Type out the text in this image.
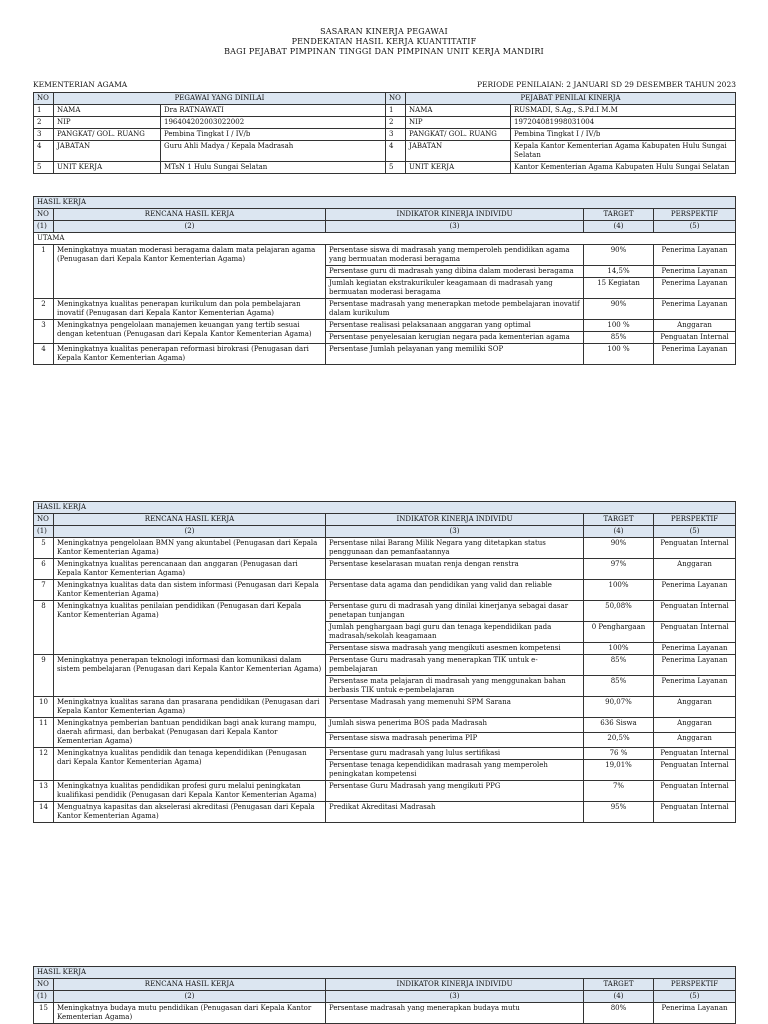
SASARAN KINERJA PEGAWAI
PENDEKATAN HASIL KERJA KUANTITATIF
BAGI PEJABAT PIMPINAN TINGGI DAN PIMPINAN UNIT KERJA MANDIRI
KEMENTERIAN AGAMA	PERIODE PENILAIAN: 2 JANUARI SD 29 DESEMBER TAHUN 2023
NO	PEGAWAI YANG DINILAI		NO	PEJABAT PENILAI KINERJA	
1	NAMA	Dra RATNAWATI	1	NAMA	RUSMADI, S.Ag., S.Pd.I M.M
2	NIP	196404202003022002	2	NIP	197204081998031004
3	PANGKAT/ GOL. RUANG	Pembina Tingkat I / IV/b	3	PANGKAT/ GOL. RUANG	Pembina Tingkat I / IV/b
4	JABATAN	Guru Ahli Madya / Kepala Madrasah	4	JABATAN	Kepala Kantor Kementerian Agama Kabupaten Hulu Sungai Selatan
5	UNIT KERJA	MTsN 1 Hulu Sungai Selatan	5	UNIT KERJA	Kantor Kementerian Agama Kabupaten Hulu Sungai Selatan
HASIL KERJA				
NO	RENCANA HASIL KERJA	INDIKATOR KINERJA INDIVIDU	TARGET	PERSPEKTIF
(1)	(2)	(3)	(4)	(5)
UTAMA				
1	Meningkatnya muatan moderasi beragama dalam mata pelajaran agama (Penugasan dari Kepala Kantor Kementerian Agama)	Persentase siswa di madrasah yang memperoleh pendidikan agama yang bermuatan moderasi beragama	90%	Penerima Layanan
		Persentase guru di madrasah yang dibina dalam moderasi beragama	14,5%	Penerima Layanan
		Jumlah kegiatan ekstrakurikuler keagamaan di madrasah yang bermuatan moderasi beragama	15 Kegiatan	Penerima Layanan
2	Meningkatnya kualitas penerapan kurikulum dan pola pembelajaran inovatif (Penugasan dari Kepala Kantor Kementerian Agama)	Persentase madrasah yang menerapkan metode pembelajaran inovatif dalam kurikulum	90%	Penerima Layanan
3	Meningkatnya pengelolaan manajemen keuangan yang tertib sesuai dengan ketentuan (Penugasan dari Kepala Kantor Kementerian Agama)	Persentase realisasi pelaksanaan anggaran yang optimal	100 %	Anggaran
		Persentase penyelesaian kerugian negara pada kementerian agama	85%	Penguatan Internal
4	Meningkatnya kualitas penerapan reformasi birokrasi (Penugasan dari Kepala Kantor Kementerian Agama)	Persentase Jumlah pelayanan yang memiliki SOP	100 %	Penerima Layanan
HASIL KERJA				
NO	RENCANA HASIL KERJA	INDIKATOR KINERJA INDIVIDU	TARGET	PERSPEKTIF
(1)	(2)	(3)	(4)	(5)
5	Meningkatnya pengelolaan BMN yang akuntabel (Penugasan dari Kepala Kantor Kementerian Agama)	Persentase nilai Barang Milik Negara yang ditetapkan status penggunaan dan pemanfaatannya	90%	Penguatan Internal
6	Meningkatnya kualitas perencanaan dan anggaran (Penugasan dari Kepala Kantor Kementerian Agama)	Persentase keselarasan muatan renja dengan renstra	97%	Anggaran
7	Meningkatnya kualitas data dan sistem informasi (Penugasan dari Kepala Kantor Kementerian Agama)	Persentase data agama dan pendidikan yang valid dan reliable	100%	Penerima Layanan
8	Meningkatnya kualitas penilaian pendidikan (Penugasan dari Kepala Kantor Kementerian Agama)	Persentase guru di madrasah yang dinilai kinerjanya sebagai dasar penetapan tunjangan	50,08%	Penguatan Internal
		Jumlah penghargaan bagi guru dan tenaga kependidikan pada madrasah/sekolah keagamaan	0 Penghargaan	Penguatan Internal
		Persentase siswa madrasah yang mengikuti asesmen kompetensi	100%	Penerima Layanan
9	Meningkatnya penerapan teknologi informasi dan komunikasi dalam sistem pembelajaran (Penugasan dari Kepala Kantor Kementerian Agama)	Persentase Guru madrasah yang menerapkan TIK untuk e-pembelajaran	85%	Penerima Layanan
		Persentase mata pelajaran di madrasah yang menggunakan bahan berbasis TIK untuk e-pembelajaran	85%	Penerima Layanan
10	Meningkatnya kualitas sarana dan prasarana pendidikan (Penugasan dari Kepala Kantor Kementerian Agama)	Persentase Madrasah yang memenuhi SPM Sarana	90,07%	Anggaran
11	Meningkatnya pemberian bantuan pendidikan bagi anak kurang mampu, daerah afirmasi, dan berbakat (Penugasan dari Kepala Kantor Kementerian Agama)	Jumlah siswa penerima BOS pada Madrasah	636 Siswa	Anggaran
		Persentase siswa madrasah penerima PIP	20,5%	Anggaran
12	Meningkatnya kualitas pendidik dan tenaga kependidikan (Penugasan dari Kepala Kantor Kementerian Agama)	Persentase guru madrasah yang lulus sertifikasi	76 %	Penguatan Internal
		Persentase tenaga kependidikan madrasah yang memperoleh peningkatan kompetensi	19,01%	Penguatan Internal
13	Meningkatnya kualitas pendidikan profesi guru melalui peningkatan kualifikasi pendidik (Penugasan dari Kepala Kantor Kementerian Agama)	Persentase Guru Madrasah yang mengikuti PPG	7%	Penguatan Internal
14	Menguatnya kapasitas dan akselerasi akreditasi (Penugasan dari Kepala Kantor Kementerian Agama)	Predikat Akreditasi Madrasah	95%	Penguatan Internal
HASIL KERJA				
NO	RENCANA HASIL KERJA	INDIKATOR KINERJA INDIVIDU	TARGET	PERSPEKTIF
(1)	(2)	(3)	(4)	(5)
15	Meningkatnya budaya mutu pendidikan (Penugasan dari Kepala Kantor Kementerian Agama)	Persentase madrasah yang menerapkan budaya mutu	80%	Penerima Layanan
